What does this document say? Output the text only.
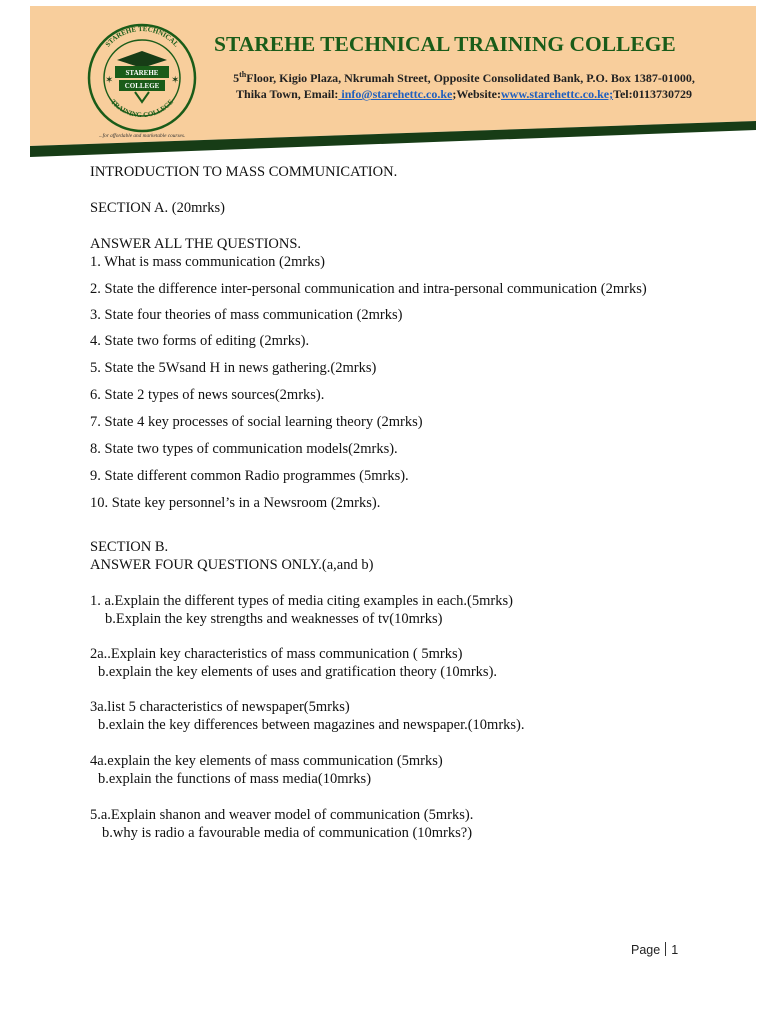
STAREHE TECHNICAL
TRAINING COLLEGE
STAREHE
COLLEGE
✶	✶
...for affordable and marketable courses.
STAREHE TECHNICAL TRAINING COLLEGE
5thFloor, Kigio Plaza, Nkrumah Street, Opposite Consolidated Bank, P.O. Box 1387-01000,
Thika Town, Email: info@starehettc.co.ke;Website:www.starehettc.co.ke;Tel:0113730729
INTRODUCTION TO MASS COMMUNICATION.
SECTION A. (20mrks)
ANSWER ALL THE QUESTIONS.
1. What is mass communication (2mrks)
2. State the difference inter-personal communication and intra-personal communication (2mrks)
3. State four theories of mass communication (2mrks)
4. State two forms of editing (2mrks).
5. State the 5Wsand H in news gathering.(2mrks)
6. State 2 types of news sources(2mrks).
7. State 4 key processes of social learning theory (2mrks)
8. State two types of communication models(2mrks).
9. State different common Radio programmes (5mrks).
10. State key personnel’s in a Newsroom (2mrks).
SECTION B.
ANSWER FOUR QUESTIONS ONLY.(a,and b)
1. a.Explain the different types of media citing examples in each.(5mrks)
b.Explain the key strengths and weaknesses of tv(10mrks)
2a..Explain key characteristics of mass communication ( 5mrks)
b.explain the key elements of uses and gratification theory (10mrks).
3a.list 5 characteristics of newspaper(5mrks)
b.exlain the key differences between magazines and newspaper.(10mrks).
4a.explain the key elements of mass communication (5mrks)
b.explain the functions of mass media(10mrks)
5.a.Explain shanon and weaver model of communication (5mrks).
b.why is radio a favourable media of communication (10mrks?)
Page 1
